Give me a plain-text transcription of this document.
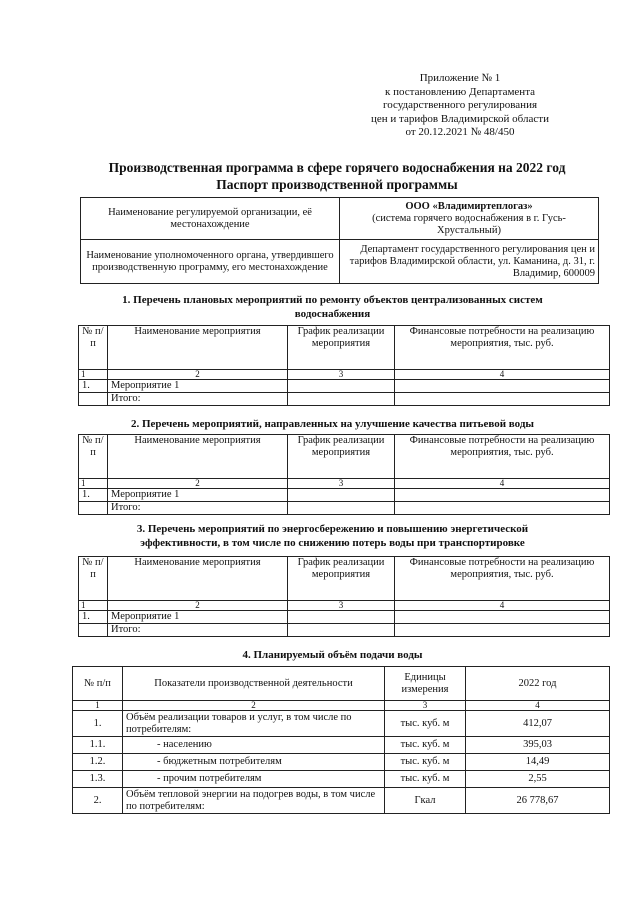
Приложение № 1
к постановлению Департамента
государственного регулирования
цен и тарифов Владимирской области
от 20.12.2021 № 48/450
Производственная программа в сфере горячего водоснабжения на 2022 год
Паспорт производственной программы
Наименование регулируемой организации, её местонахождение	ООО «Владимиртеплогаз»
(система горячего водоснабжения в г. Гусь-Хрустальный)
Наименование уполномоченного органа, утвердившего производственную программу, его местонахождение	Департамент государственного регулирования цен и тарифов Владимирской области, ул. Каманина, д. 31, г. Владимир, 600009
1. Перечень плановых мероприятий по ремонту объектов централизованных систем
водоснабжения
№ п/п	Наименование мероприятия	График реализации мероприятия	Финансовые потребности на реализацию мероприятия, тыс. руб.
1	2	3	4
1.	Мероприятие 1		
	Итого:		
2. Перечень мероприятий, направленных на улучшение качества питьевой воды
№ п/п	Наименование мероприятия	График реализации мероприятия	Финансовые потребности на реализацию мероприятия, тыс. руб.
1	2	3	4
1.	Мероприятие 1		
	Итого:		
3. Перечень мероприятий по энергосбережению и повышению энергетической
эффективности, в том числе по снижению потерь воды при транспортировке
№ п/п	Наименование мероприятия	График реализации мероприятия	Финансовые потребности на реализацию мероприятия, тыс. руб.
1	2	3	4
1.	Мероприятие 1		
	Итого:		
4. Планируемый объём подачи воды
№ п/п	Показатели производственной деятельности	Единицы измерения	2022 год
1	2	3	4
1.	Объём реализации товаров и услуг, в том числе по потребителям:	тыс. куб. м	412,07
1.1.	- населению	тыс. куб. м	395,03
1.2.	- бюджетным потребителям	тыс. куб. м	14,49
1.3.	- прочим потребителям	тыс. куб. м	2,55
2.	Объём тепловой энергии на подогрев воды, в том числе по потребителям:	Гкал	26 778,67
